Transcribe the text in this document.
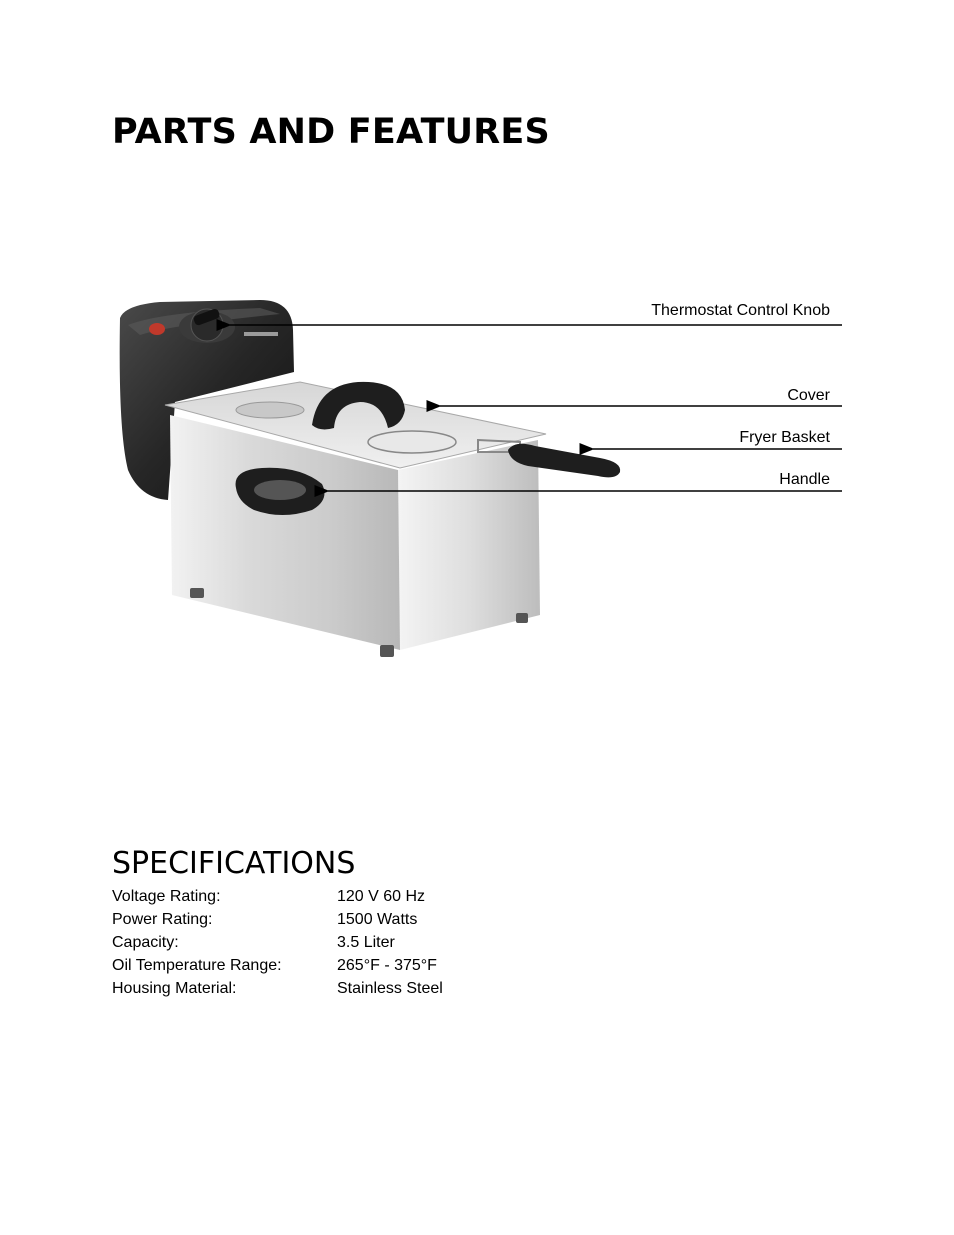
PARTS AND FEATURES
Thermostat Control Knob
Cover
Fryer Basket
Handle
SPECIFICATIONS
Voltage Rating:	120 V 60 Hz
Power Rating:	1500 Watts
Capacity:	3.5 Liter
Oil Temperature Range:	265°F - 375°F
Housing Material:	Stainless Steel
